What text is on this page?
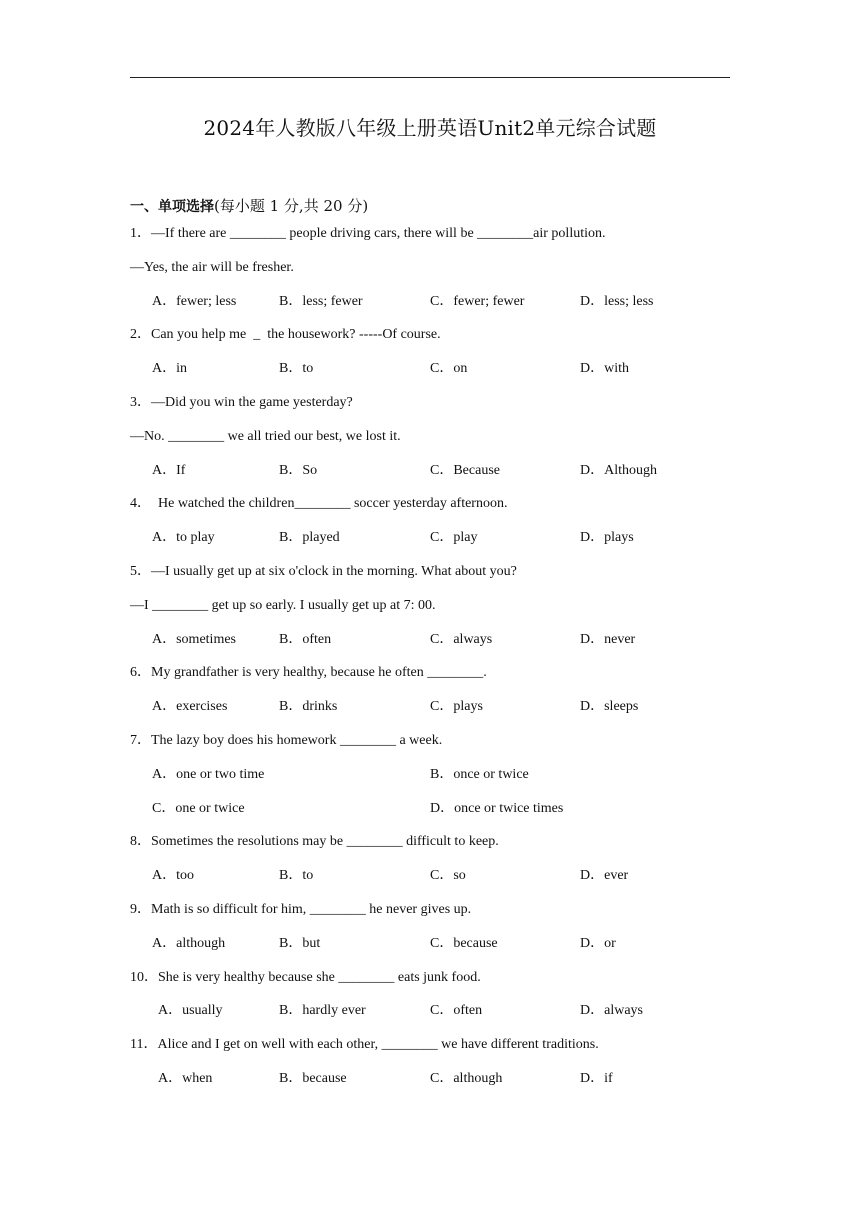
2024年人教版八年级上册英语Unit2单元综合试题
一、单项选择(每小题 1 分,共 20 分)
1．—If there are ________ people driving cars, there will be ________air pollution.
—Yes, the air will be fresher.
A．fewer; less	B．less; fewer	C．fewer; fewer	D．less; less
2．Can you help me  _  the housework? -----Of course.
A．in	B．to	C．on	D．with
3．—Did you win the game yesterday?
—No. ________ we all tried our best, we lost it.
A．If	B．So	C．Because	D．Although
4．  He watched the children________ soccer yesterday afternoon.
A．to play	B．played	C．play	D．plays
5．—I usually get up at six o'clock in the morning. What about you?
—I ________ get up so early. I usually get up at 7: 00.
A．sometimes	B．often	C．always	D．never
6．My grandfather is very healthy, because he often ________.
A．exercises	B．drinks	C．plays	D．sleeps
7．The lazy boy does his homework ________ a week.
A．one or two time	B．once or twice
C．one or twice	D．once or twice times
8．Sometimes the resolutions may be ________ difficult to keep.
A．too	B．to	C．so	D．ever
9．Math is so difficult for him, ________ he never gives up.
A．although	B．but	C．because	D．or
10．She is very healthy because she ________ eats junk food.
A．usually	B．hardly ever	C．often	D．always
11．Alice and I get on well with each other, ________ we have different traditions.
A．when	B．because	C．although	D．if
